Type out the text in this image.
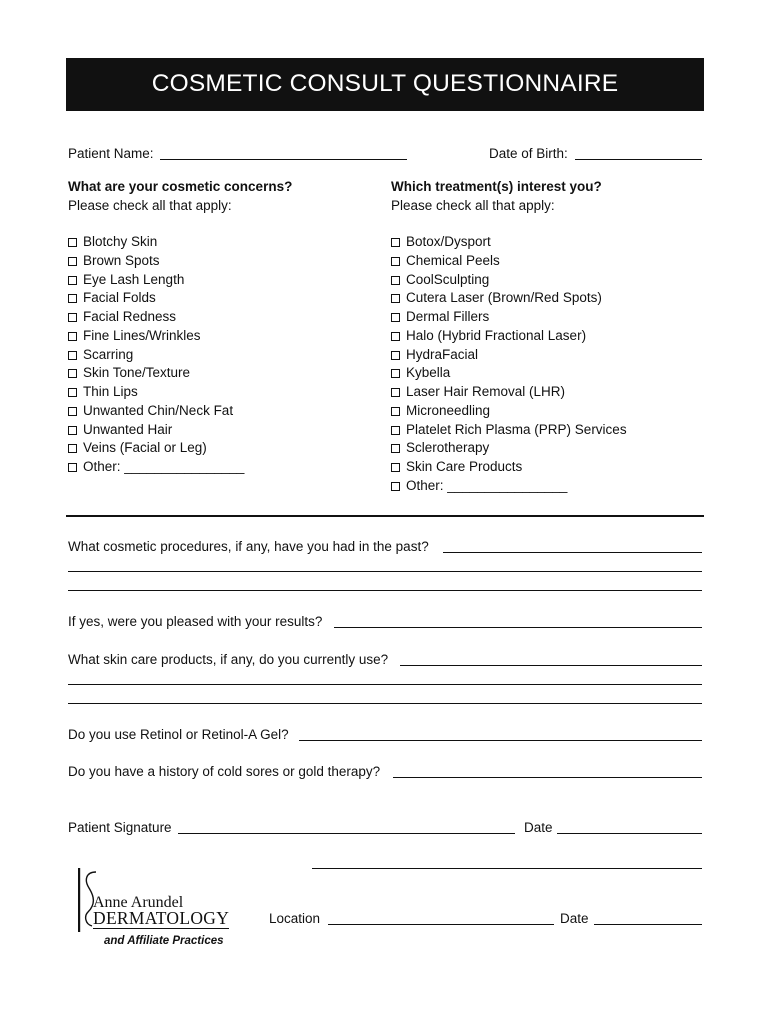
COSMETIC CONSULT QUESTIONNAIRE
Patient Name:	Date of Birth:
What are your cosmetic concerns?
Please check all that apply:
Blotchy Skin
Brown Spots
Eye Lash Length
Facial Folds
Facial Redness
Fine Lines/Wrinkles
Scarring
Skin Tone/Texture
Thin Lips
Unwanted Chin/Neck Fat
Unwanted Hair
Veins (Facial or Leg)
Other: ________________
Which treatment(s) interest you?
Please check all that apply:
Botox/Dysport
Chemical Peels
CoolSculpting
Cutera Laser (Brown/Red Spots)
Dermal Fillers
Halo (Hybrid Fractional Laser)
HydraFacial
Kybella
Laser Hair Removal (LHR)
Microneedling
Platelet Rich Plasma (PRP) Services
Sclerotherapy
Skin Care Products
Other: ________________
What cosmetic procedures, if any, have you had in the past?
If yes, were you pleased with your results?
What skin care products, if any, do you currently use?
Do you use Retinol or Retinol-A Gel?
Do you have a history of cold sores or gold therapy?
Patient Signature	Date
Anne Arundel
DERMATOLOGY
and Affiliate Practices
Location	Date
